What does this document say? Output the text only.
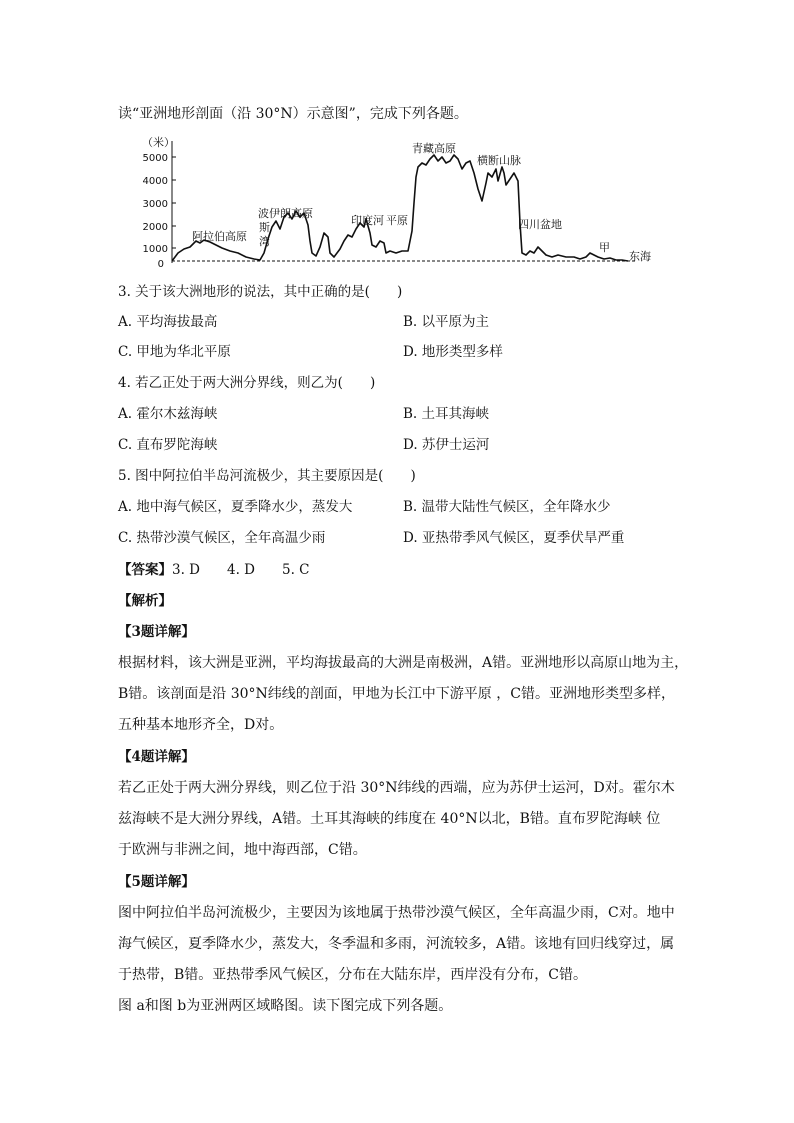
读“亚洲地形剖面（沿 30°N）示意图”，完成下列各题。
（米）
5000
4000
3000
2000
1000
0
阿拉伯高原
波伊朗高原
斯
湾
印度河 平原
青藏高原
横断山脉
四川盆地
甲
东海
3. 关于该大洲地形的说法，其中正确的是(　　)
A. 平均海拔最高	B. 以平原为主
C. 甲地为华北平原	D. 地形类型多样
4. 若乙正处于两大洲分界线，则乙为(　　)
A. 霍尔木兹海峡	B. 土耳其海峡
C. 直布罗陀海峡	D. 苏伊士运河
5. 图中阿拉伯半岛河流极少，其主要原因是(　　)
A. 地中海气候区，夏季降水少，蒸发大	B. 温带大陆性气候区，全年降水少
C. 热带沙漠气候区，全年高温少雨	D. 亚热带季风气候区，夏季伏旱严重
【答案】3. D　　4. D　　5. C
【解析】
【3题详解】
根据材料，该大洲是亚洲，平均海拔最高的大洲是南极洲，A错。亚洲地形以高原山地为主，
B错。该剖面是沿 30°N纬线的剖面，甲地为长江中下游平原 ，C错。亚洲地形类型多样，
五种基本地形齐全，D对。
【4题详解】
若乙正处于两大洲分界线，则乙位于沿 30°N纬线的西端，应为苏伊士运河，D对。霍尔木
兹海峡不是大洲分界线，A错。土耳其海峡的纬度在 40°N以北，B错。直布罗陀海峡 位
于欧洲与非洲之间，地中海西部，C错。
【5题详解】
图中阿拉伯半岛河流极少，主要因为该地属于热带沙漠气候区，全年高温少雨，C对。地中
海气候区，夏季降水少，蒸发大，冬季温和多雨，河流较多，A错。该地有回归线穿过，属
于热带，B错。亚热带季风气候区，分布在大陆东岸，西岸没有分布，C错。
图 a和图 b为亚洲两区域略图。读下图完成下列各题。
